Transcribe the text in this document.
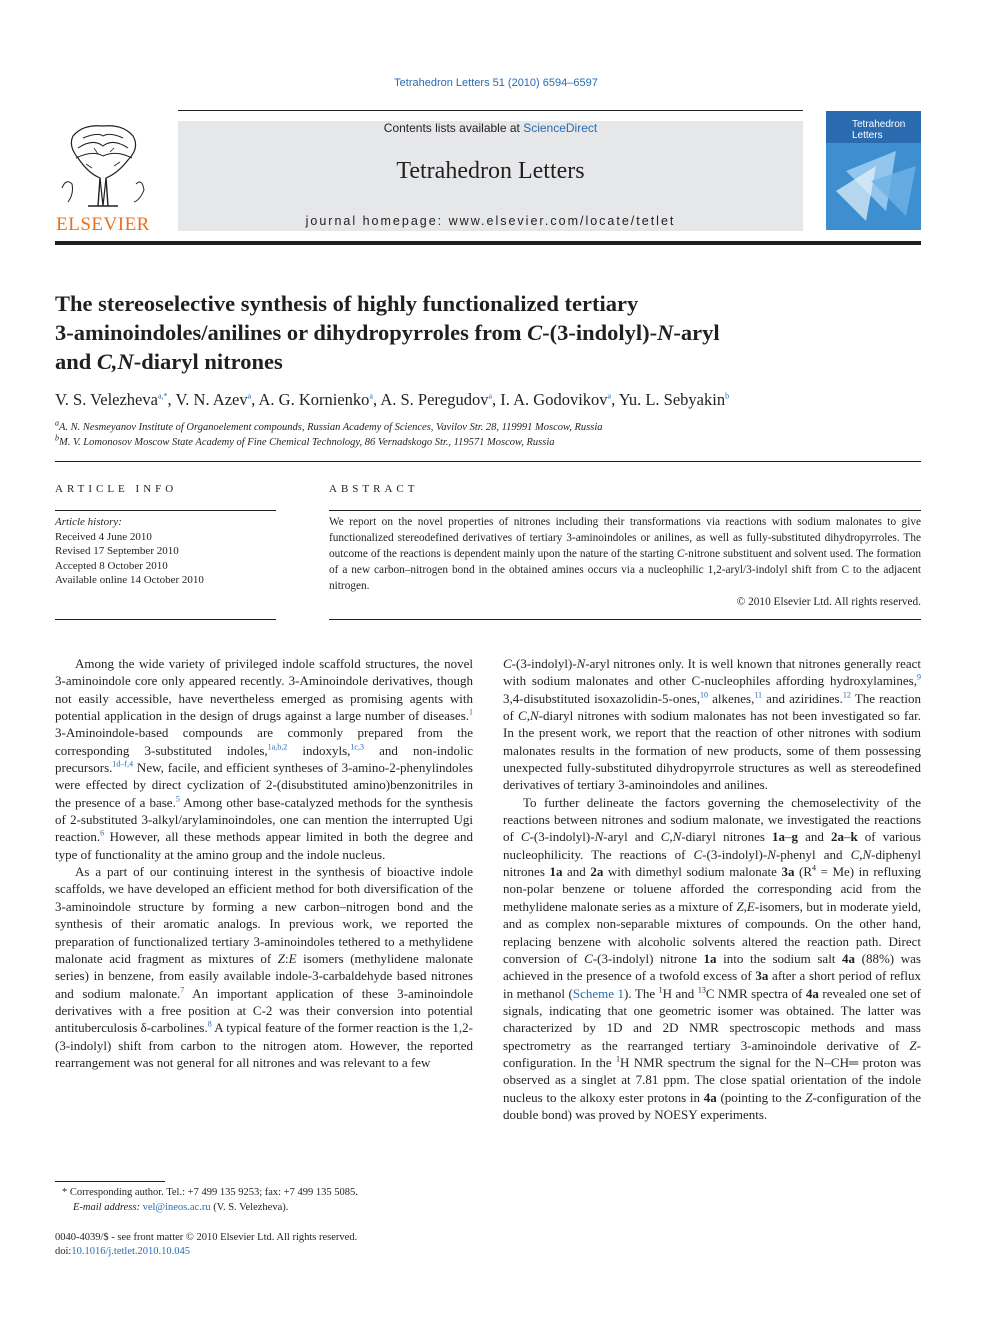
Tetrahedron Letters 51 (2010) 6594–6597
ELSEVIER
Contents lists available at ScienceDirect
Tetrahedron Letters
journal homepage: www.elsevier.com/locate/tetlet
Tetrahedron
Letters
The stereoselective synthesis of highly functionalized tertiary
3-aminoindoles/anilines or dihydropyrroles from C-(3-indolyl)-N-aryl
and C,N-diaryl nitrones
V. S. Velezheva$^{a,*}$, V. N. Azev$^a$, A. G. Kornienko$^a$, A. S. Peregudov$^a$, I. A. Godovikov$^a$, Yu. L. Sebyakin$^b$
$^a$A. N. Nesmeyanov Institute of Organoelement compounds, Russian Academy of Sciences, Vavilov Str. 28, 119991 Moscow, Russia
$^b$M. V. Lomonosov Moscow State Academy of Fine Chemical Technology, 86 Vernadskogo Str., 119571 Moscow, Russia
ARTICLE INFO
Article history:
Received 4 June 2010
Revised 17 September 2010
Accepted 8 October 2010
Available online 14 October 2010
ABSTRACT
We report on the novel properties of nitrones including their transformations via reactions with sodium malonates to give functionalized stereodefined derivatives of tertiary 3-aminoindoles or anilines, as well as fully-substituted dihydropyrroles. The outcome of the reactions is dependent mainly upon the nature of the starting C-nitrone substituent and solvent used. The formation of a new carbon–nitrogen bond in the obtained amines occurs via a nucleophilic 1,2-aryl/3-indolyl shift from C to the adjacent nitrogen.
© 2010 Elsevier Ltd. All rights reserved.

Among the wide variety of privileged indole scaffold structures, the novel 3-aminoindole core only appeared recently. 3-Aminoindole derivatives, though not easily accessible, have nevertheless emerged as promising agents with potential application in the design of drugs against a large number of diseases.$^1$ 3-Aminoindole-based compounds are commonly prepared from the corresponding 3-substituted indoles,$^{1a,b,2}$ indoxyls,$^{1c,3}$ and non-indolic precursors.$^{1d-f,4}$ New, facile, and efficient syntheses of 3-amino-2-phenylindoles were effected by direct cyclization of 2-(disubstituted amino)benzonitriles in the presence of a base.$^5$ Among other base-catalyzed methods for the synthesis of 2-substituted 3-alkyl/arylaminoindoles, one can mention the interrupted Ugi reaction.$^6$ However, all these methods appear limited in both the degree and type of functionality at the amino group and the indole nucleus.

As a part of our continuing interest in the synthesis of bioactive indole scaffolds, we have developed an efficient method for both diversification of the 3-aminoindole structure by forming a new carbon–nitrogen bond and the synthesis of their aromatic analogs. In previous work, we reported the preparation of functionalized tertiary 3-aminoindoles tethered to a methylidene malonate acid fragment as mixtures of Z:E isomers (methylidene malonate series) in benzene, from easily available indole-3-carbaldehyde based nitrones and sodium malonate.$^7$ An important application of these 3-aminoindole derivatives with a free position at C-2 was their conversion into potential antituberculosis δ-carbolines.$^8$ A typical feature of the former reaction is the 1,2-(3-indolyl) shift from carbon to the nitrogen atom. However, the reported rearrangement was not general for all nitrones and was relevant to a few

C-(3-indolyl)-N-aryl nitrones only. It is well known that nitrones generally react with sodium malonates and other C-nucleophiles affording hydroxylamines,$^9$ 3,4-disubstituted isoxazolidin-5-ones,$^{10}$ alkenes,$^{11}$ and aziridines.$^{12}$ The reaction of C,N-diaryl nitrones with sodium malonates has not been investigated so far. In the present work, we report that the reaction of other nitrones with sodium malonates results in the formation of new products, some of them possessing unexpected fully-substituted dihydropyrrole structures as well as stereodefined derivatives of tertiary 3-aminoindoles and anilines.

To further delineate the factors governing the chemoselectivity of the reactions between nitrones and sodium malonate, we investigated the reactions of C-(3-indolyl)-N-aryl and C,N-diaryl nitrones 1a–g and 2a–k of various nucleophilicity. The reactions of C-(3-indolyl)-N-phenyl and C,N-diphenyl nitrones 1a and 2a with dimethyl sodium malonate 3a $(R^4 = Me)$ in refluxing non-polar benzene or toluene afforded the corresponding acid from the methylidene malonate series as a mixture of Z,E-isomers, but in moderate yield, and as complex non-separable mixtures of compounds. On the other hand, replacing benzene with alcoholic solvents altered the reaction path. Direct conversion of C-(3-indolyl) nitrone 1a into the sodium salt 4a (88%) was achieved in the presence of a twofold excess of 3a after a short period of reflux in methanol (Scheme 1). The $^1$H and $^{13}$C NMR spectra of 4a revealed one set of signals, indicating that one geometric isomer was obtained. The latter was characterized by 1D and 2D NMR spectroscopic methods and mass spectrometry as the rearranged tertiary 3-aminoindole derivative of Z-configuration. In the $^1$H NMR spectrum the signal for the N–CH═ proton was observed as a singlet at 7.81 ppm. The close spatial orientation of the indole nucleus to the alkoxy ester protons in 4a (pointing to the Z-configuration of the double bond) was proved by NOESY experiments.

* Corresponding author. Tel.: +7 499 135 9253; fax: +7 499 135 5085.
E-mail address: vel@ineos.ac.ru (V. S. Velezheva).
0040-4039/$ - see front matter © 2010 Elsevier Ltd. All rights reserved.
doi:10.1016/j.tetlet.2010.10.045
